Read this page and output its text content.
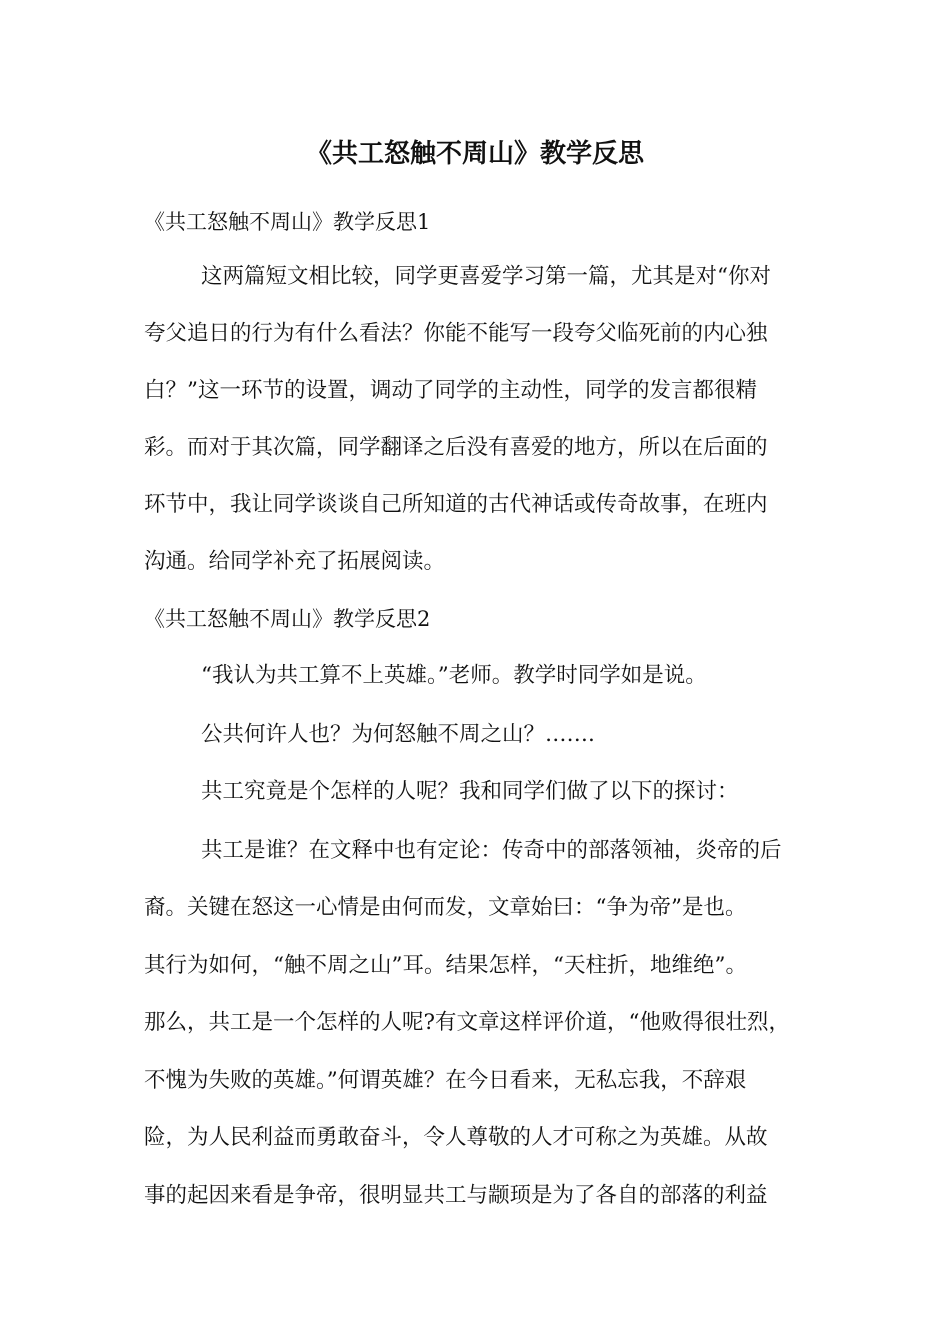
《共工怒触不周山》教学反思

《共工怒触不周山》教学反思1

这两篇短文相比较，同学更喜爱学习第一篇，尤其是对“你对

夸父追日的行为有什么看法？你能不能写一段夸父临死前的内心独

白？”这一环节的设置，调动了同学的主动性，同学的发言都很精

彩。而对于其次篇，同学翻译之后没有喜爱的地方，所以在后面的

环节中，我让同学谈谈自己所知道的古代神话或传奇故事，在班内

沟通。给同学补充了拓展阅读。

《共工怒触不周山》教学反思2

“我认为共工算不上英雄。”老师。教学时同学如是说。

公共何许人也？为何怒触不周之山？…….

共工究竟是个怎样的人呢？我和同学们做了以下的探讨：

共工是谁？在文释中也有定论：传奇中的部落领袖，炎帝的后

裔。关键在怒这一心情是由何而发，文章始曰：“争为帝”是也。

其行为如何，“触不周之山”耳。结果怎样，“天柱折，地维绝”。

那么，共工是一个怎样的人呢?有文章这样评价道，“他败得很壮烈，

不愧为失败的英雄。”何谓英雄？在今日看来，无私忘我，不辞艰

险，为人民利益而勇敢奋斗，令人尊敬的人才可称之为英雄。从故

事的起因来看是争帝，很明显共工与颛顼是为了各自的部落的利益
